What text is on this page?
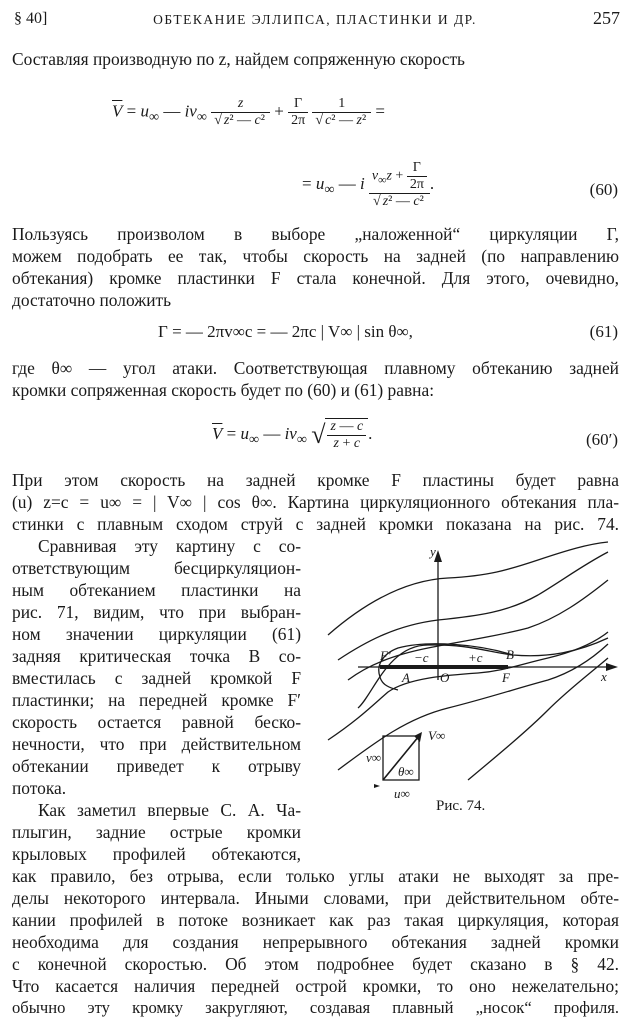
§ 40]	ОБТЕКАНИЕ ЭЛЛИПСА, ПЛАСТИНКИ И ДР.	257
Составляя производную по z, найдем сопряженную скорость
$\overline{V} = u_\infty$ — $iv_\infty \frac{z}{\text{√ z² — c²}} + \frac{\Gamma}{2\pi}$
$\frac{1}{\text{√ c² — z²}}$ =
= $u_\infty$ — i $\frac{v_\infty z + \frac{\Gamma}{2\pi}}{\text{√ z² — c²}}$ .	(60)
Пользуясь произволом в выборе „наложенной“ циркуляции Γ,
можем подобрать ее так, чтобы скорость на задней (по направлению
обтекания) кромке пластинки F стала конечной. Для этого, очевидно,
достаточно положить
Γ = — 2πv∞c = — 2πc | V∞ | sin θ∞,	(61)
где θ∞ — угол атаки. Соответствующая плавному обтеканию задней
кромки сопряженная скорость будет по (60) и (61) равна:
$\overline{V} = u_\infty$ — $iv_\infty$ √ $\frac{z — c}{z + c}$ .	(60′)
При этом скорость на задней кромке F пластины будет равна
(u) z=c = u∞ = | V∞ | cos θ∞. Картина циркуляционного обтекания пла-
стинки с плавным сходом струй с задней кромки показана на рис. 74.
Сравнивая эту картину с со-
ответствующим бесциркуляцион-
ным обтеканием пластинки на
рис. 71, видим, что при выбран-
ном значении циркуляции (61)
задняя критическая точка B со-
вместилась с задней кромкой F
пластинки; на передней кромке F′
скорость остается равной беско-
нечности, что при действительном
обтекании приведет к отрыву
потока.
Как заметил впервые С. А. Ча-
плыгин, задние острые кромки
крыловых профилей обтекаются,
y
x
F′ −c	+c B
A O	F
V∞
v∞
θ∞
u∞
Рис. 74.
как правило, без отрыва, если только углы атаки не выходят за пре-
делы некоторого интервала. Иными словами, при действительном обте-
кании профилей в потоке возникает как раз такая циркуляция, которая
необходима для создания непрерывного обтекания задней кромки
с конечной скоростью. Об этом подробнее будет сказано в § 42.
Что касается наличия передней острой кромки, то оно нежелательно;
обычно эту кромку закругляют, создавая плавный „носок“ профиля.
